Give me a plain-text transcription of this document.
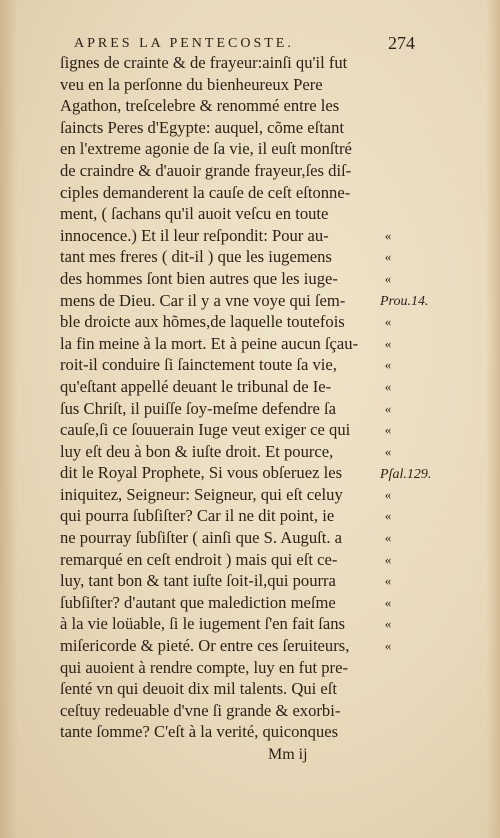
APRES LA PENTECOSTE.	274
ſignes de crainte & de frayeur:ainſi qu'il fut
veu en la perſonne du bienheureux Pere
Agathon, treſcelebre & renommé entre les
ſaincts Peres d'Egypte: auquel, cõme eſtant
en l'extreme agonie de ſa vie, il euſt monſtré
de craindre & d'auoir grande frayeur,ſes diſ-
ciples demanderent la cauſe de ceſt eſtonne-
ment, ( ſachans qu'il auoit veſcu en toute
innocence.) Et il leur reſpondit: Pour au-
tant mes freres ( dit-il ) que les iugemens
des hommes ſont bien autres que les iuge-
mens de Dieu. Car il y a vne voye qui ſem-
ble droicte aux hõmes,de laquelle toutefois
la fin meine à la mort. Et à peine aucun ſçau-
roit-il conduire ſi ſainctement toute ſa vie,
qu'eſtant appellé deuant le tribunal de Ie-
ſus Chriſt, il puiſſe ſoy-meſme defendre ſa
cauſe,ſi ce ſouuerain Iuge veut exiger ce qui
luy eſt deu à bon & iuſte droit. Et pource,
dit le Royal Prophete, Si vous obſeruez les
iniquitez, Seigneur: Seigneur, qui eſt celuy
qui pourra ſubſiſter? Car il ne dit point, ie
ne pourray ſubſiſter ( ainſi que S. Auguſt. a
remarqué en ceſt endroit ) mais qui eſt ce-
luy, tant bon & tant iuſte ſoit-il,qui pourra
ſubſiſter? d'autant que malediction meſme
à la vie loüable, ſi le iugement ſ'en fait ſans
miſericorde & pieté. Or entre ces ſeruiteurs,
qui auoient à rendre compte, luy en fut pre-
ſenté vn qui deuoit dix mil talents. Qui eſt
ceſtuy redeuable d'vne ſi grande & exorbi-
tante ſomme? C'eſt à la verité, quiconques
«
«
«
«
«
«
«
«
«
«
«
«
«
«
«
«
«
«
Prou.14.
Pſal.129.
Mm ij
